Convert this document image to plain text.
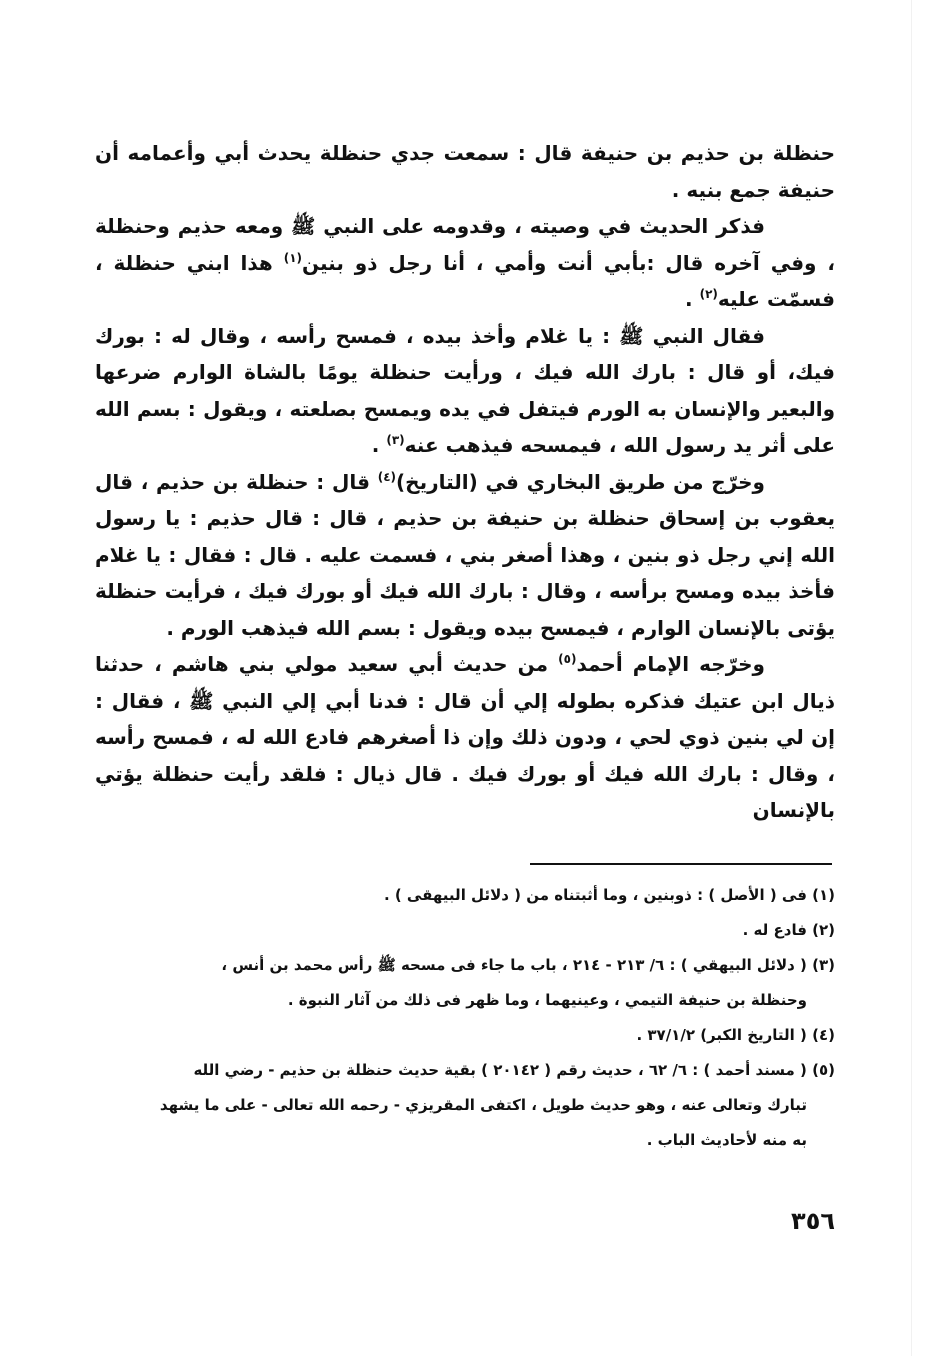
حنظلة بن حذيم بن حنيفة قال : سمعت جدي حنظلة يحدث أبي وأعمامه أن حنيفة جمع بنيه .

فذكر الحديث في وصيته ، وقدومه على النبي ﷺ ومعه حذيم وحنظلة ، وفي آخره قال :بأبي أنت وأمي ، أنا رجل ذو بنين$^{(١)}$ هذا ابني حنظلة ، فسمّت عليه$^{(٢)}$ .

فقال النبي ﷺ : يا غلام وأخذ بيده ، فمسح رأسه ، وقال له : بورك فيك، أو قال : بارك الله فيك ، ورأيت حنظلة يومًا بالشاة الوارم ضرعها والبعير والإنسان به الورم فيتفل في يده ويمسح بصلعته ، ويقول : بسم الله على أثر يد رسول الله ، فيمسحه فيذهب عنه$^{(٣)}$ .

وخرّج من طريق البخاري في (التاريخ)$^{(٤)}$ قال : حنظلة بن حذيم ، قال يعقوب بن إسحاق حنظلة بن حنيفة بن حذيم ، قال : قال حذيم : يا رسول الله إني رجل ذو بنين ، وهذا أصغر بني ، فسمت عليه . قال : فقال : يا غلام فأخذ بيده ومسح برأسه ، وقال : بارك الله فيك أو بورك فيك ، فرأيت حنظلة يؤتى بالإنسان الوارم ، فيمسح بيده ويقول : بسم الله فيذهب الورم .

وخرّجه الإمام أحمد$^{(٥)}$ من حديث أبي سعيد مولي بني هاشم ، حدثنا ذيال ابن عتيك فذكره بطوله إلي أن قال : فدنا أبي إلي النبي ﷺ ، فقال : إن لي بنين ذوي لحي ، ودون ذلك وإن ذا أصغرهم فادع الله له ، فمسح رأسه ، وقال : بارك الله فيك أو بورك فيك . قال ذيال : فلقد رأيت حنظلة يؤتي بالإنسان

(١) فى ( الأصل ) : ذوبنين ، وما أثبتناه من ( دلائل البيهقى ) .

(٢) فادع له .

(٣) ( دلائل البيهقي ) : ٦/ ٢١٣ - ٢١٤ ، باب ما جاء فى مسحه ﷺ رأس محمد بن أنس ،
وحنظلة بن حنيفة التيمي ، وعينيهما ، وما ظهر فى ذلك من آثار النبوة .

(٤) ( التاريخ الكبر) ٣٧/١/٢ .

(٥) ( مسند أحمد ) : ٦/ ٦٢ ، حديث رقم ( ٢٠١٤٢ ) بقية حديث حنظلة بن حذيم - رضي الله
تبارك وتعالى عنه ، وهو حديث طويل ، اكتفى المقريزي - رحمه الله تعالى - على ما يشهد
به منه لأحاديث الباب .

٣٥٦
